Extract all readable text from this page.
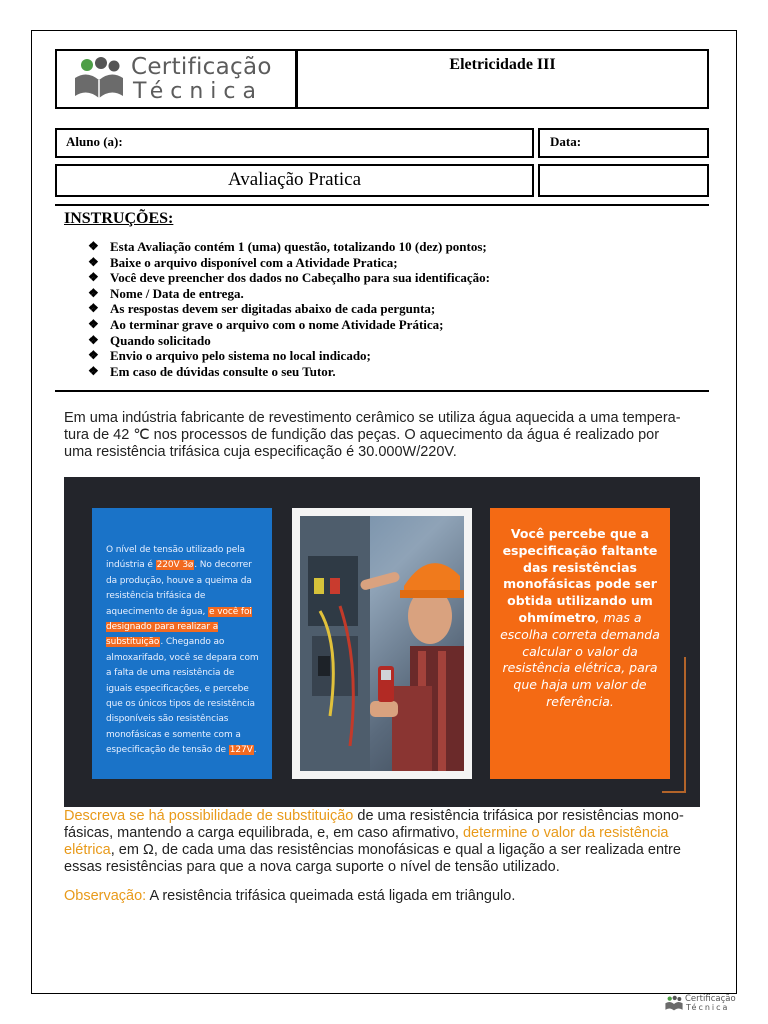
Certificação
Técnica
Eletricidade III
Aluno (a):	Data:
Avaliação Pratica
INSTRUÇÕES:
❖ Esta Avaliação contém 1 (uma) questão, totalizando 10 (dez) pontos;
❖ Baixe o arquivo disponível com a Atividade Pratica;
❖ Você deve preencher dos dados no Cabeçalho para sua identificação:
❖ Nome / Data de entrega.
❖ As respostas devem ser digitadas abaixo de cada pergunta;
❖ Ao terminar grave o arquivo com o nome Atividade Prática;
❖ Quando solicitado
❖ Envio o arquivo pelo sistema no local indicado;
❖ Em caso de dúvidas consulte o seu Tutor.
Em uma indústria fabricante de revestimento cerâmico se utiliza água aquecida a uma tempera-
tura de 42 ℃ nos processos de fundição das peças. O aquecimento da água é realizado por
uma resistência trifásica cuja especificação é 30.000W/220V.
O nível de tensão utilizado pela indústria é 220V 3⌀. No decorrer da produção, houve a queima da resistência trifásica de aquecimento de água, e você foi designado para realizar a substituição. Chegando ao almoxarifado, você se depara com a falta de uma resistência de iguais especificações, e percebe que os únicos tipos de resistência disponíveis são resistências monofásicas e somente com a especificação de tensão de 127V.
Você percebe que a especificação faltante das resistências monofásicas pode ser obtida utilizando um ohmímetro, mas a escolha correta demanda calcular o valor da resistência elétrica, para que haja um valor de referência.
Descreva se há possibilidade de substituição de uma resistência trifásica por resistências mono-fásicas, mantendo a carga equilibrada, e, em caso afirmativo, determine o valor da resistência elétrica, em Ω, de cada uma das resistências monofásicas e qual a ligação a ser realizada entre essas resistências para que a nova carga suporte o nível de tensão utilizado.
Observação: A resistência trifásica queimada está ligada em triângulo.
Certificação
Técnica
